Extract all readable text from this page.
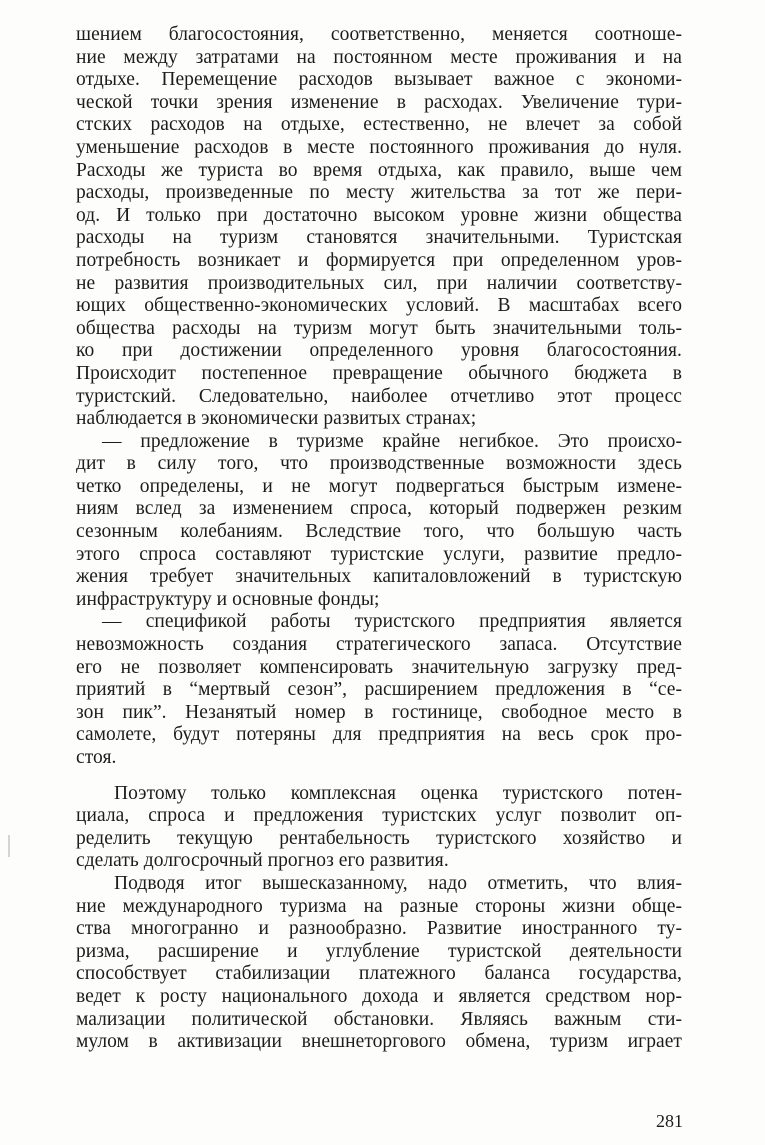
шением благосостояния, соответственно, меняется соотноше-
ние между затратами на постоянном месте проживания и на
отдыхе. Перемещение расходов вызывает важное с экономи-
ческой точки зрения изменение в расходах. Увеличение тури-
стских расходов на отдыхе, естественно, не влечет за собой
уменьшение расходов в месте постоянного проживания до нуля.
Расходы же туриста во время отдыха, как правило, выше чем
расходы, произведенные по месту жительства за тот же пери-
од. И только при достаточно высоком уровне жизни общества
расходы на туризм становятся значительными. Туристская
потребность возникает и формируется при определенном уров-
не развития производительных сил, при наличии соответству-
ющих общественно-экономических условий. В масштабах всего
общества расходы на туризм могут быть значительными толь-
ко при достижении определенного уровня благосостояния.
Происходит постепенное превращение обычного бюджета в
туристский. Следовательно, наиболее отчетливо этот процесс
наблюдается в экономически развитых странах;
— предложение в туризме крайне негибкое. Это происхо-
дит в силу того, что производственные возможности здесь
четко определены, и не могут подвергаться быстрым измене-
ниям вслед за изменением спроса, который подвержен резким
сезонным колебаниям. Вследствие того, что большую часть
этого спроса составляют туристские услуги, развитие предло-
жения требует значительных капиталовложений в туристскую
инфраструктуру и основные фонды;
— спецификой работы туристского предприятия является
невозможность создания стратегического запаса. Отсутствие
его не позволяет компенсировать значительную загрузку пред-
приятий в “мертвый сезон”, расширением предложения в “се-
зон пик”. Незанятый номер в гостинице, свободное место в
самолете, будут потеряны для предприятия на весь срок про-
стоя.
Поэтому только комплексная оценка туристского потен-
циала, спроса и предложения туристских услуг позволит оп-
ределить текущую рентабельность туристского хозяйство и
сделать долгосрочный прогноз его развития.
Подводя итог вышесказанному, надо отметить, что влия-
ние международного туризма на разные стороны жизни обще-
ства многогранно и разнообразно. Развитие иностранного ту-
ризма, расширение и углубление туристской деятельности
способствует стабилизации платежного баланса государства,
ведет к росту национального дохода и является средством нор-
мализации политической обстановки. Являясь важным сти-
мулом в активизации внешнеторгового обмена, туризм играет
281
